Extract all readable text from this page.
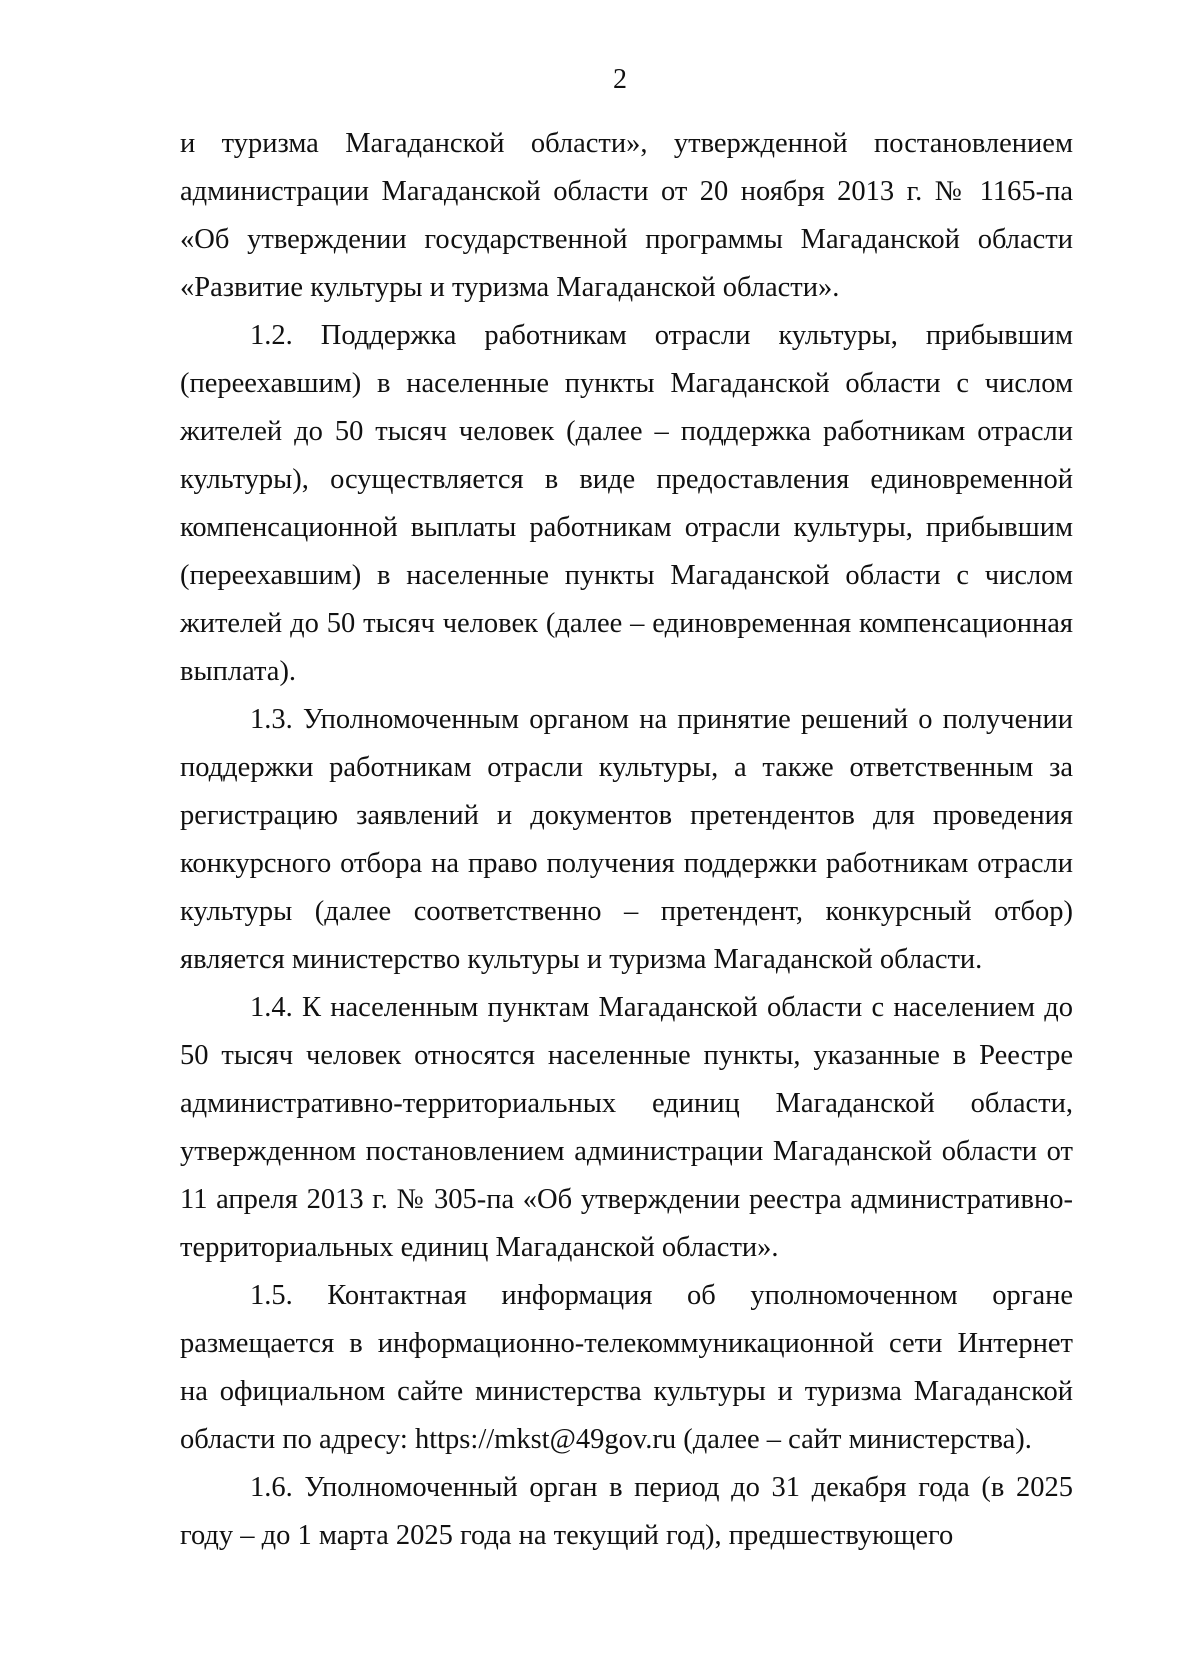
2

и туризма Магаданской области», утвержденной постановлением администрации Магаданской области от 20 ноября 2013 г. № 1165-па «Об утверждении государственной программы Магаданской области «Развитие культуры и туризма Магаданской области».

1.2. Поддержка работникам отрасли культуры, прибывшим (переехавшим) в населенные пункты Магаданской области с числом жителей до 50 тысяч человек (далее – поддержка работникам отрасли культуры), осуществляется в виде предоставления единовременной компенсационной выплаты работникам отрасли культуры, прибывшим (переехавшим) в населенные пункты Магаданской области с числом жителей до 50 тысяч человек (далее – единовременная компенсационная выплата).

1.3. Уполномоченным органом на принятие решений о получении поддержки работникам отрасли культуры, а также ответственным за регистрацию заявлений и документов претендентов для проведения конкурсного отбора на право получения поддержки работникам отрасли культуры (далее соответственно – претендент, конкурсный отбор) является министерство культуры и туризма Магаданской области.

1.4. К населенным пунктам Магаданской области с населением до 50 тысяч человек относятся населенные пункты, указанные в Реестре административно-территориальных единиц Магаданской области, утвержденном постановлением администрации Магаданской области от 11 апреля 2013 г. № 305-па «Об утверждении реестра административно-территориальных единиц Магаданской области».

1.5. Контактная информация об уполномоченном органе размещается в информационно-телекоммуникационной сети Интернет на официальном сайте министерства культуры и туризма Магаданской области по адресу: https://mkst@49gov.ru (далее – сайт министерства).

1.6. Уполномоченный орган в период до 31 декабря года (в 2025 году – до 1 марта 2025 года на текущий год), предшествующего
